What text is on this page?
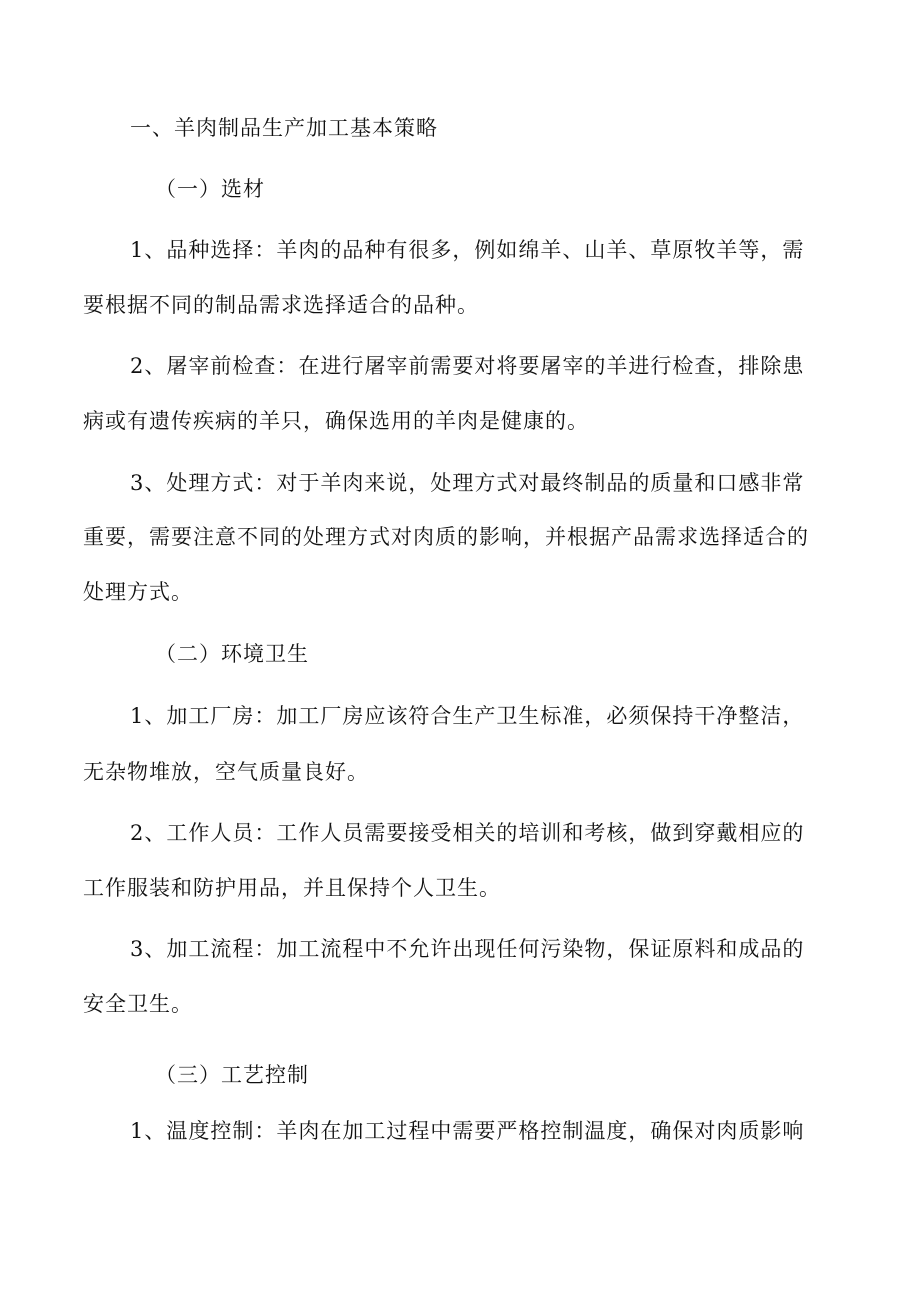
一、羊肉制品生产加工基本策略
（一）选材
1、品种选择：羊肉的品种有很多，例如绵羊、山羊、草原牧羊等，需
要根据不同的制品需求选择适合的品种。
2、屠宰前检查：在进行屠宰前需要对将要屠宰的羊进行检查，排除患
病或有遗传疾病的羊只，确保选用的羊肉是健康的。
3、处理方式：对于羊肉来说，处理方式对最终制品的质量和口感非常
重要，需要注意不同的处理方式对肉质的影响，并根据产品需求选择适合的
处理方式。
（二）环境卫生
1、加工厂房：加工厂房应该符合生产卫生标准，必须保持干净整洁，
无杂物堆放，空气质量良好。
2、工作人员：工作人员需要接受相关的培训和考核，做到穿戴相应的
工作服装和防护用品，并且保持个人卫生。
3、加工流程：加工流程中不允许出现任何污染物，保证原料和成品的
安全卫生。
（三）工艺控制
1、温度控制：羊肉在加工过程中需要严格控制温度，确保对肉质影响
